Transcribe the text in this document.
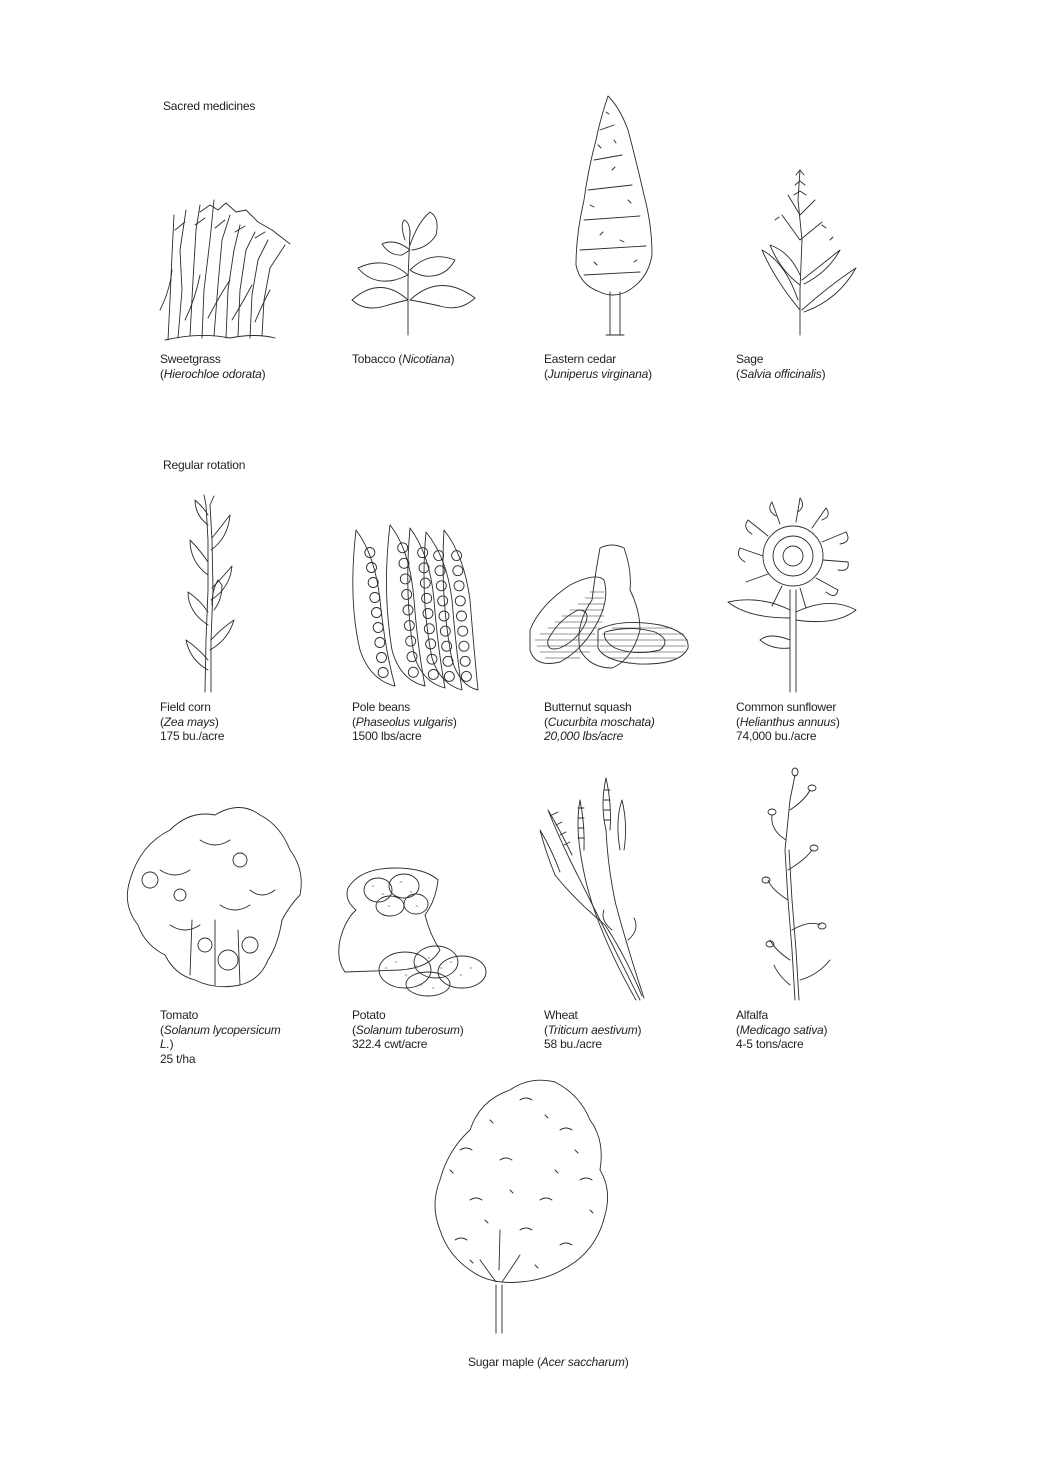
Sacred medicines
Regular rotation
Sweetgrass
(Hierochloe odorata)
Tobacco (Nicotiana)	Eastern cedar
(Juniperus virginana)
Sage
(Salvia officinalis)
Field corn
(Zea mays)
175 bu./acre
Pole beans
(Phaseolus vulgaris)
1500 lbs/acre
Butternut squash
(Cucurbita moschata)
20,000 lbs/acre
Common sunflower
(Helianthus annuus)
74,000 bu./acre
Tomato
(Solanum lycopersicum L.)
25 t/ha
Potato
(Solanum tuberosum)
322.4 cwt/acre
Wheat
(Triticum aestivum)
58 bu./acre
Alfalfa
(Medicago sativa)
4-5 tons/acre
Sugar maple (Acer saccharum)
